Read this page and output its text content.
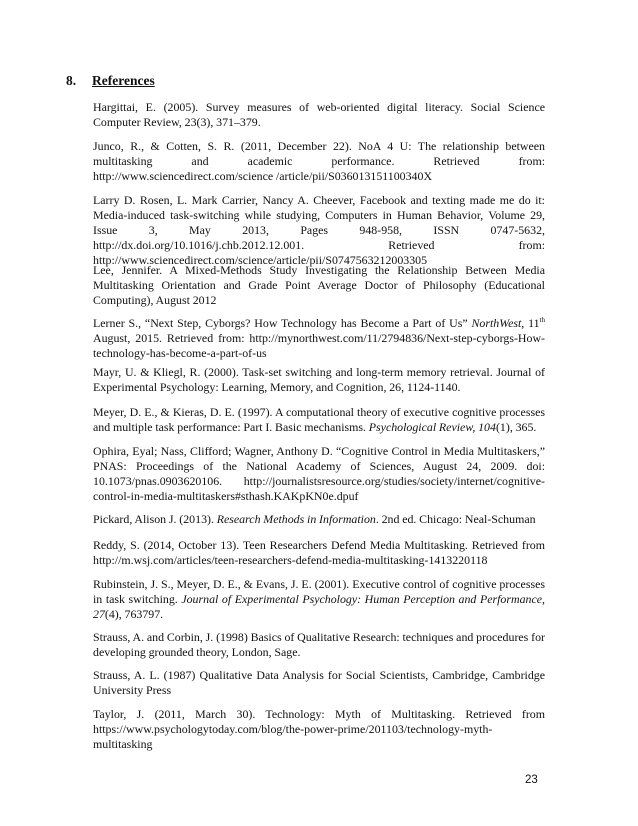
8. References
Hargittai, E. (2005). Survey measures of web-oriented digital literacy. Social Science Computer Review, 23(3), 371–379.
Junco, R., & Cotten, S. R. (2011, December 22). NoA 4 U: The relationship between multitasking and academic performance. Retrieved from: http://www.sciencedirect.com/science /article/pii/S036013151100340X
Larry D. Rosen, L. Mark Carrier, Nancy A. Cheever, Facebook and texting made me do it: Media-induced task-switching while studying, Computers in Human Behavior, Volume 29, Issue 3, May 2013, Pages 948-958, ISSN 0747-5632, http://dx.doi.org/10.1016/j.chb.2012.12.001. Retrieved from: http://www.sciencedirect.com/science/article/pii/S0747563212003305
Lee, Jennifer. A Mixed-Methods Study Investigating the Relationship Between Media Multitasking Orientation and Grade Point Average Doctor of Philosophy (Educational Computing), August 2012
Lerner S., “Next Step, Cyborgs? How Technology has Become a Part of Us” NorthWest, 11th August, 2015. Retrieved from: http://mynorthwest.com/11/2794836/Next-step-cyborgs-How-technology-has-become-a-part-of-us
Mayr, U. & Kliegl, R. (2000). Task-set switching and long-term memory retrieval. Journal of Experimental Psychology: Learning, Memory, and Cognition, 26, 1124-1140.
Meyer, D. E., & Kieras, D. E. (1997). A computational theory of executive cognitive processes and multiple task performance: Part I. Basic mechanisms. Psychological Review, 104(1), 365.
Ophira, Eyal; Nass, Clifford; Wagner, Anthony D. “Cognitive Control in Media Multitaskers,” PNAS: Proceedings of the National Academy of Sciences, August 24, 2009. doi: 10.1073/pnas.0903620106. http://journalistsresource.org/studies/society/internet/cognitive-control-in-media-multitaskers#sthash.KAKpKN0e.dpuf
Pickard, Alison J. (2013). Research Methods in Information. 2nd ed. Chicago: Neal-Schuman
Reddy, S. (2014, October 13). Teen Researchers Defend Media Multitasking. Retrieved from http://m.wsj.com/articles/teen-researchers-defend-media-multitasking-1413220118
Rubinstein, J. S., Meyer, D. E., & Evans, J. E. (2001). Executive control of cognitive processes in task switching. Journal of Experimental Psychology: Human Perception and Performance, 27(4), 763797.
Strauss, A. and Corbin, J. (1998) Basics of Qualitative Research: techniques and procedures for developing grounded theory, London, Sage.
Strauss, A. L. (1987) Qualitative Data Analysis for Social Scientists, Cambridge, Cambridge University Press
Taylor, J. (2011, March 30). Technology: Myth of Multitasking. Retrieved from https://www.psychologytoday.com/blog/the-power-prime/201103/technology-myth-multitasking
23
